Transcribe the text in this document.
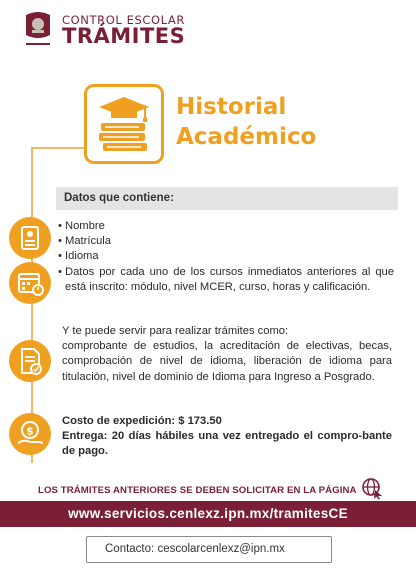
CONTROL ESCOLAR
TRÁMITES
Historial
Académico
Datos que contiene:
$
• Nombre
• Matrícula
• Idioma
• Datos por cada uno de los cursos inmediatos anteriores al que está inscrito: módulo, nivel MCER, curso, horas y calificación.
Y te puede servir para realizar trámites como:
comprobante de estudios, la acreditación de electivas, becas, comprobación de nivel de idioma, liberación de idioma para titulación, nivel de dominio de Idioma para Ingreso a Posgrado.
Costo de expedición: $ 173.50
Entrega: 20 días hábiles una vez entregado el compro-bante de pago.
LOS TRÁMITES ANTERIORES SE DEBEN SOLICITAR EN LA PÁGINA
www.servicios.cenlexz.ipn.mx/tramitesCE
Contacto: cescolarcenlexz@ipn.mx
